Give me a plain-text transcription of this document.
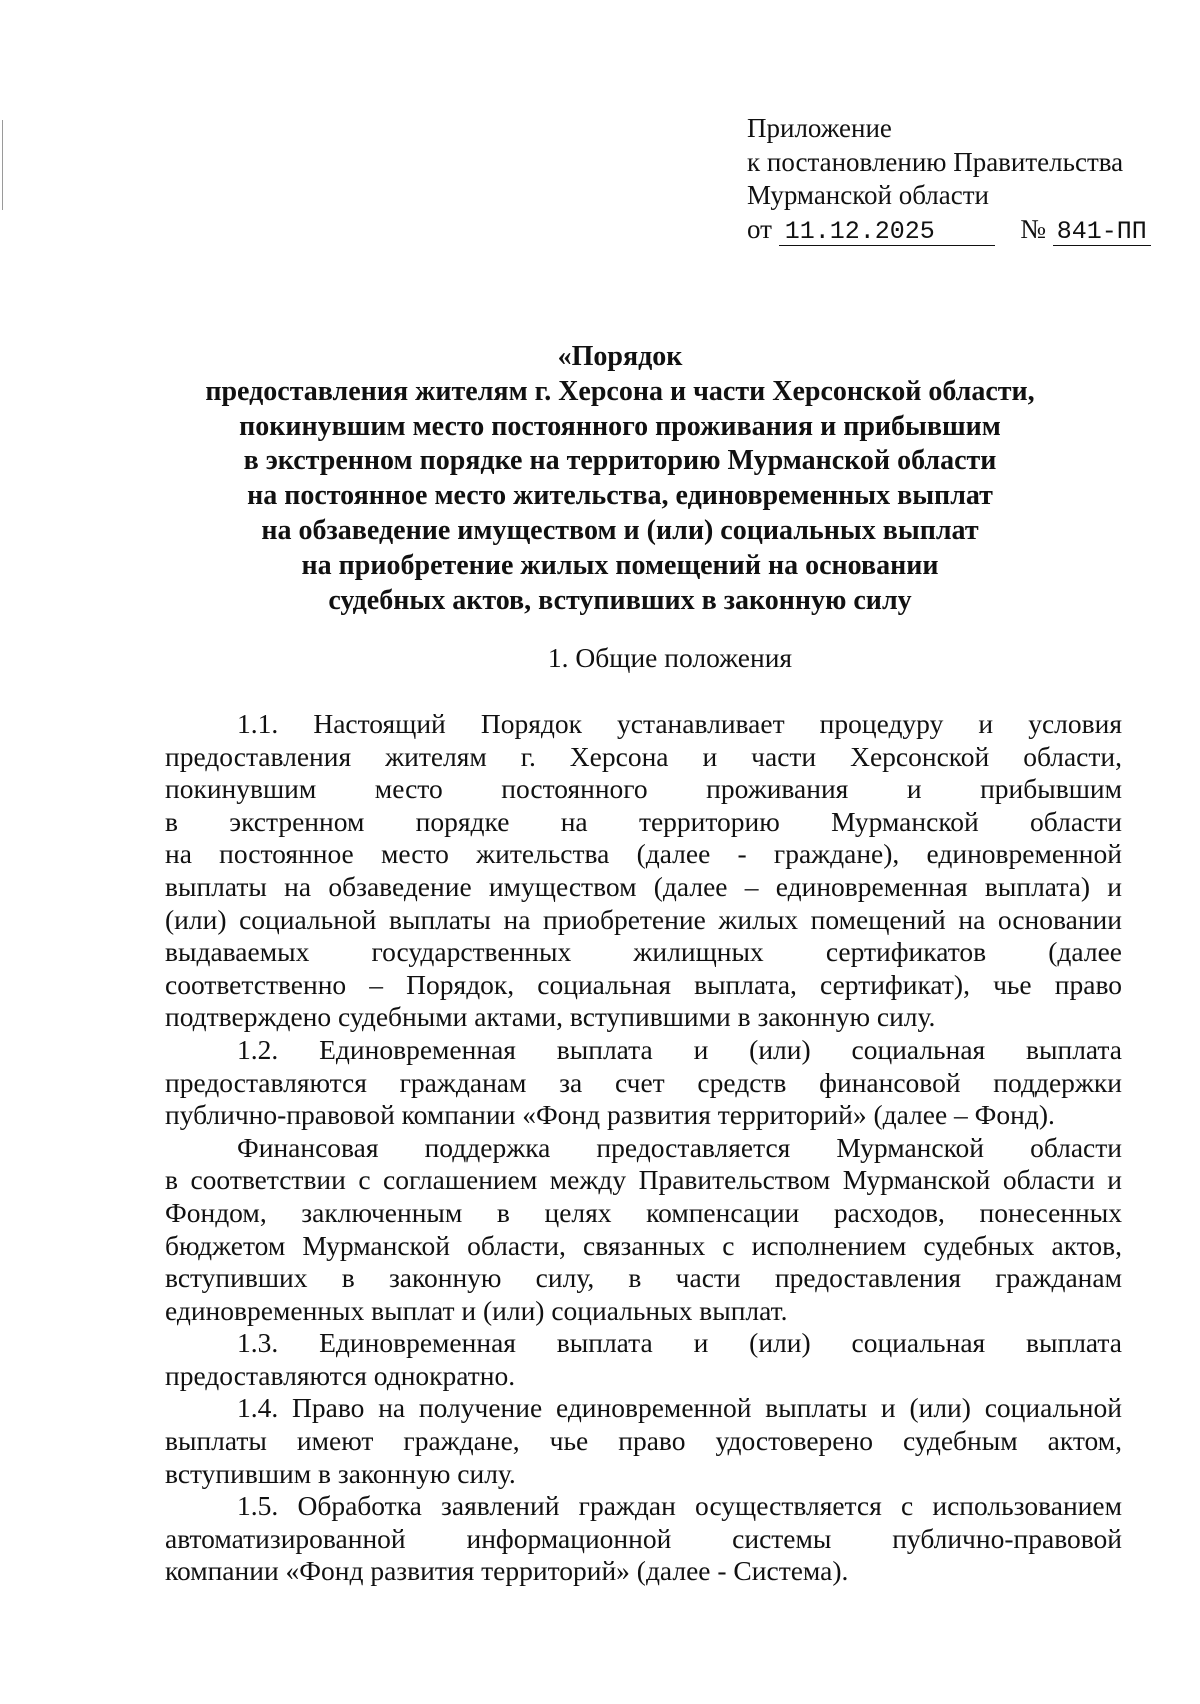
Приложение
к постановлению Правительства
Мурманской области
от 11.12.2025	№ 841-ПП
«Порядок
предоставления жителям г. Херсона и части Херсонской области,
покинувшим место постоянного проживания и прибывшим
в экстренном порядке на территорию Мурманской области
на постоянное место жительства, единовременных выплат
на обзаведение имуществом и (или) социальных выплат
на приобретение жилых помещений на основании
судебных актов, вступивших в законную силу
1. Общие положения
1.1. Настоящий Порядок устанавливает процедуру и условия
предоставления жителям г. Херсона и части Херсонской области,
покинувшим место постоянного проживания и прибывшим
в экстренном порядке на территорию Мурманской области
на постоянное место жительства (далее - граждане), единовременной
выплаты на обзаведение имуществом (далее – единовременная выплата) и
(или) социальной выплаты на приобретение жилых помещений на основании
выдаваемых государственных жилищных сертификатов (далее
соответственно – Порядок, социальная выплата, сертификат), чье право
подтверждено судебными актами, вступившими в законную силу.
1.2. Единовременная выплата и (или) социальная выплата
предоставляются гражданам за счет средств финансовой поддержки
публично-правовой компании «Фонд развития территорий» (далее – Фонд).
Финансовая поддержка предоставляется Мурманской области
в соответствии с соглашением между Правительством Мурманской области и
Фондом, заключенным в целях компенсации расходов, понесенных
бюджетом Мурманской области, связанных с исполнением судебных актов,
вступивших в законную силу, в части предоставления гражданам
единовременных выплат и (или) социальных выплат.
1.3. Единовременная выплата и (или) социальная выплата
предоставляются однократно.
1.4. Право на получение единовременной выплаты и (или) социальной
выплаты имеют граждане, чье право удостоверено судебным актом,
вступившим в законную силу.
1.5. Обработка заявлений граждан осуществляется с использованием
автоматизированной информационной системы публично-правовой
компании «Фонд развития территорий» (далее - Система).
